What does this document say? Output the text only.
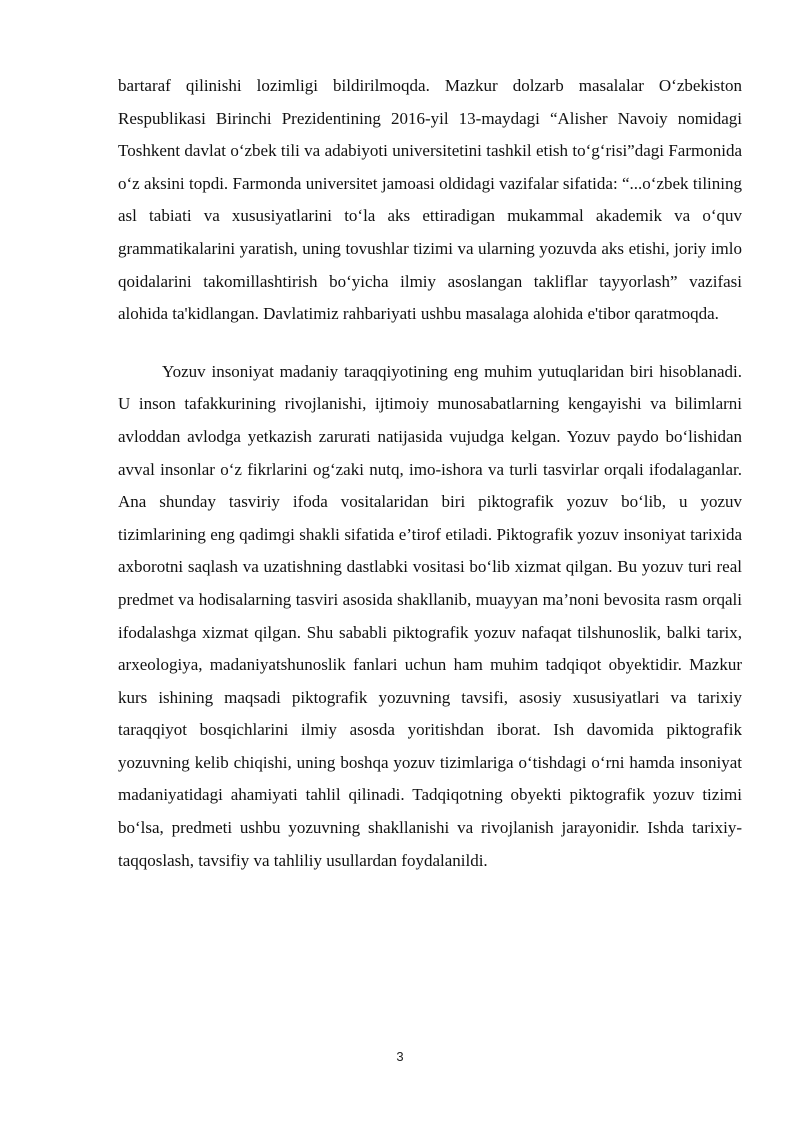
bartaraf qilinishi lozimligi bildirilmoqda. Mazkur dolzarb masalalar O‘zbekiston Respublikasi Birinchi Prezidentining 2016-yil 13-maydagi “Alisher Navoiy nomidagi Toshkent davlat o‘zbek tili va adabiyoti universitetini tashkil etish to‘g‘risi”dagi Farmonida o‘z aksini topdi. Farmonda universitet jamoasi oldidagi vazifalar sifatida: “...o‘zbek tilining asl tabiati va xususiyatlarini to‘la aks ettiradigan mukammal akademik va o‘quv grammatikalarini yaratish, uning tovushlar tizimi va ularning yozuvda aks etishi, joriy imlo qoidalarini takomillashtirish bo‘yicha ilmiy asoslangan takliflar tayyorlash” vazifasi alohida ta'kidlangan. Davlatimiz rahbariyati ushbu masalaga alohida e'tibor qaratmoqda.

Yozuv insoniyat madaniy taraqqiyotining eng muhim yutuqlaridan biri hisoblanadi. U inson tafakkurining rivojlanishi, ijtimoiy munosabatlarning kengayishi va bilimlarni avloddan avlodga yetkazish zarurati natijasida vujudga kelgan. Yozuv paydo bo‘lishidan avval insonlar o‘z fikrlarini og‘zaki nutq, imo-ishora va turli tasvirlar orqali ifodalaganlar. Ana shunday tasviriy ifoda vositalaridan biri piktografik yozuv bo‘lib, u yozuv tizimlarining eng qadimgi shakli sifatida e’tirof etiladi. Piktografik yozuv insoniyat tarixida axborotni saqlash va uzatishning dastlabki vositasi bo‘lib xizmat qilgan. Bu yozuv turi real predmet va hodisalarning tasviri asosida shakllanib, muayyan ma’noni bevosita rasm orqali ifodalashga xizmat qilgan. Shu sababli piktografik yozuv nafaqat tilshunoslik, balki tarix, arxeologiya, madaniyatshunoslik fanlari uchun ham muhim tadqiqot obyektidir. Mazkur kurs ishining maqsadi piktografik yozuvning tavsifi, asosiy xususiyatlari va tarixiy taraqqiyot bosqichlarini ilmiy asosda yoritishdan iborat. Ish davomida piktografik yozuvning kelib chiqishi, uning boshqa yozuv tizimlariga o‘tishdagi o‘rni hamda insoniyat madaniyatidagi ahamiyati tahlil qilinadi. Tadqiqotning obyekti piktografik yozuv tizimi bo‘lsa, predmeti ushbu yozuvning shakllanishi va rivojlanish jarayonidir. Ishda tarixiy-taqqoslash, tavsifiy va tahliliy usullardan foydalanildi.

3
